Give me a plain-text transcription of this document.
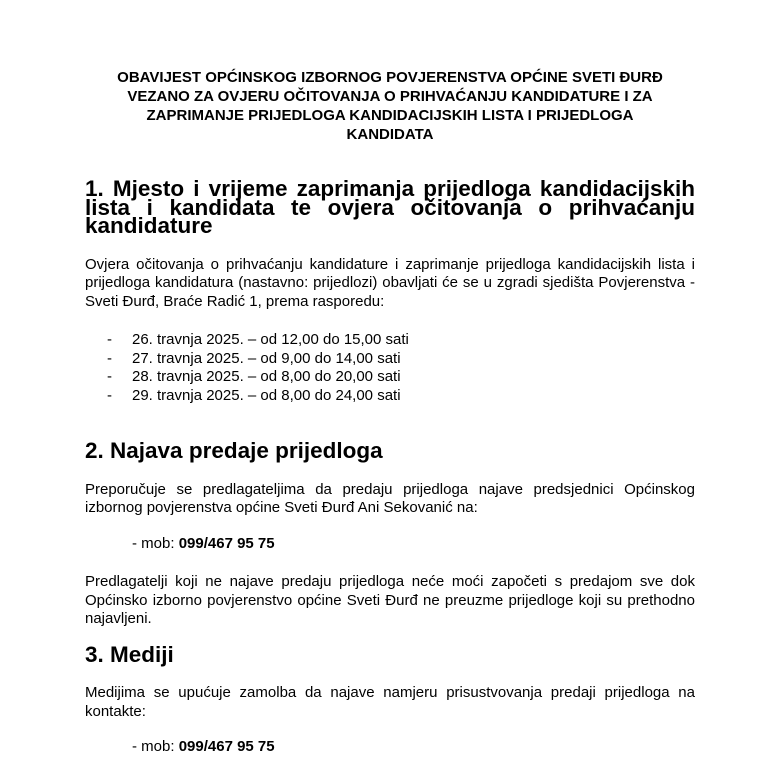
OBAVIJEST OPĆINSKOG IZBORNOG POVJERENSTVA OPĆINE SVETI ĐURĐ
VEZANO ZA OVJERU OČITOVANJA O PRIHVAĆANJU KANDIDATURE I ZA
ZAPRIMANJE PRIJEDLOGA KANDIDACIJSKIH LISTA I PRIJEDLOGA
KANDIDATA
1. Mjesto i vrijeme zaprimanja prijedloga kandidacijskih lista i kandidata te ovjera očitovanja o prihvaćanju kandidature

Ovjera očitovanja o prihvaćanju kandidature i zaprimanje prijedloga kandidacijskih lista i prijedloga kandidatura (nastavno: prijedlozi) obavljati će se u zgradi sjedišta Povjerenstva - Sveti Đurđ, Braće Radić 1, prema rasporedu:

- 26. travnja 2025. – od 12,00 do 15,00 sati
- 27. travnja 2025. – od 9,00 do 14,00 sati
- 28. travnja 2025. – od 8,00 do 20,00 sati
- 29. travnja 2025. – od 8,00 do 24,00 sati
2. Najava predaje prijedloga

Preporučuje se predlagateljima da predaju prijedloga najave predsjednici Općinskog izbornog povjerenstva općine Sveti Đurđ Ani Sekovanić na:

- mob: 099/467 95 75

Predlagatelji koji ne najave predaju prijedloga neće moći započeti s predajom sve dok Općinsko izborno povjerenstvo općine Sveti Đurđ ne preuzme prijedloge koji su prethodno najavljeni.

3. Mediji

Medijima se upućuje zamolba da najave namjeru prisustvovanja predaji prijedloga na kontakte:

- mob: 099/467 95 75
